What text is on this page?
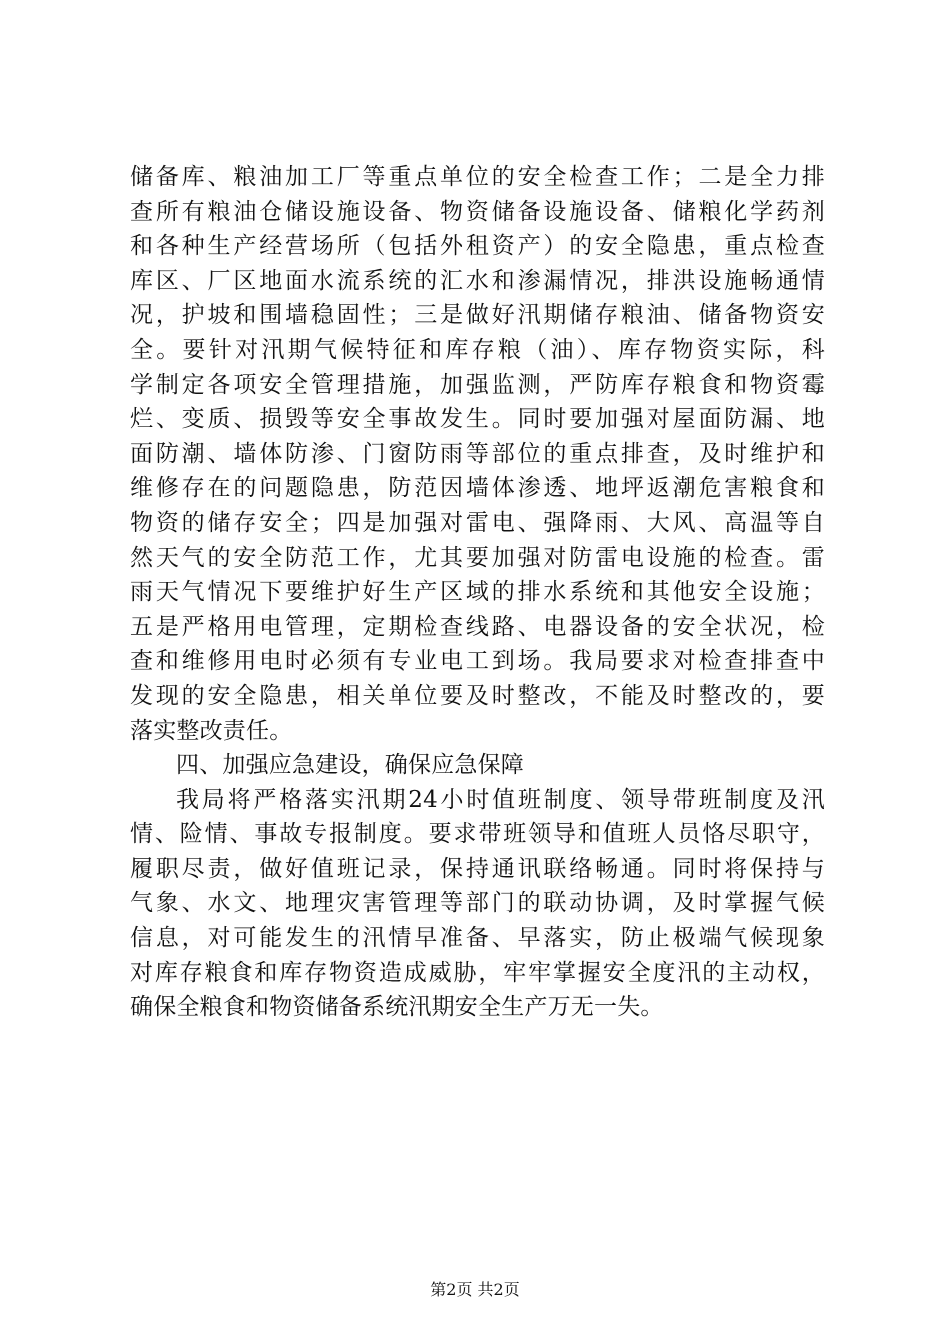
储备库、粮油加工厂等重点单位的安全检查工作；二是全力排
查所有粮油仓储设施设备、物资储备设施设备、储粮化学药剂
和各种生产经营场所（包括外租资产）的安全隐患，重点检查
库区、厂区地面水流系统的汇水和渗漏情况，排洪设施畅通情
况，护坡和围墙稳固性；三是做好汛期储存粮油、储备物资安
全。要针对汛期气候特征和库存粮（油）、库存物资实际，科
学制定各项安全管理措施，加强监测，严防库存粮食和物资霉
烂、变质、损毁等安全事故发生。同时要加强对屋面防漏、地
面防潮、墙体防渗、门窗防雨等部位的重点排查，及时维护和
维修存在的问题隐患，防范因墙体渗透、地坪返潮危害粮食和
物资的储存安全；四是加强对雷电、强降雨、大风、高温等自
然天气的安全防范工作，尤其要加强对防雷电设施的检查。雷
雨天气情况下要维护好生产区域的排水系统和其他安全设施；
五是严格用电管理，定期检查线路、电器设备的安全状况，检
查和维修用电时必须有专业电工到场。我局要求对检查排查中
发现的安全隐患，相关单位要及时整改，不能及时整改的，要
落实整改责任。
四、加强应急建设，确保应急保障
我局将严格落实汛期24小时值班制度、领导带班制度及汛
情、险情、事故专报制度。要求带班领导和值班人员恪尽职守，
履职尽责，做好值班记录，保持通讯联络畅通。同时将保持与
气象、水文、地理灾害管理等部门的联动协调，及时掌握气候
信息，对可能发生的汛情早准备、早落实，防止极端气候现象
对库存粮食和库存物资造成威胁，牢牢掌握安全度汛的主动权，
确保全粮食和物资储备系统汛期安全生产万无一失。
第2页 共2页
